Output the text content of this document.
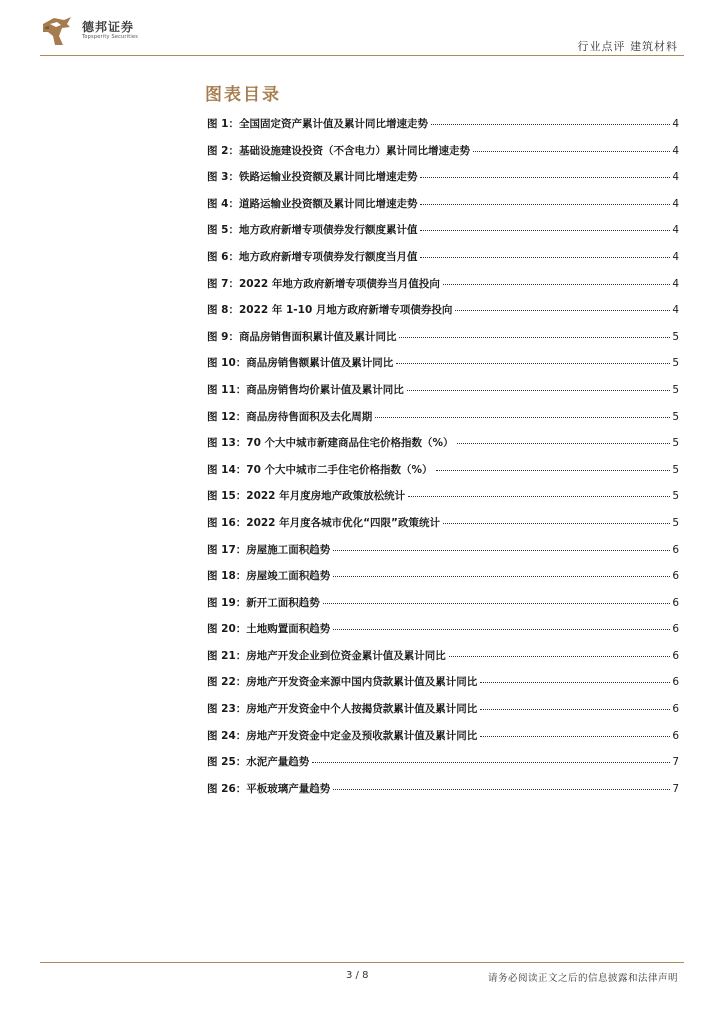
德邦证券
Topsperity Securities
行业点评 建筑材料
图表目录
图 1：全国固定资产累计值及累计同比增速走势	4
图 2：基础设施建设投资（不含电力）累计同比增速走势	4
图 3：铁路运输业投资额及累计同比增速走势	4
图 4：道路运输业投资额及累计同比增速走势	4
图 5：地方政府新增专项债券发行额度累计值	4
图 6：地方政府新增专项债券发行额度当月值	4
图 7：2022 年地方政府新增专项债券当月值投向	4
图 8：2022 年 1-10 月地方政府新增专项债券投向	4
图 9：商品房销售面积累计值及累计同比	5
图 10：商品房销售额累计值及累计同比	5
图 11：商品房销售均价累计值及累计同比	5
图 12：商品房待售面积及去化周期	5
图 13：70 个大中城市新建商品住宅价格指数（%）	5
图 14：70 个大中城市二手住宅价格指数（%）	5
图 15：2022 年月度房地产政策放松统计	5
图 16：2022 年月度各城市优化“四限”政策统计	5
图 17：房屋施工面积趋势	6
图 18：房屋竣工面积趋势	6
图 19：新开工面积趋势	6
图 20：土地购置面积趋势	6
图 21：房地产开发企业到位资金累计值及累计同比	6
图 22：房地产开发资金来源中国内贷款累计值及累计同比	6
图 23：房地产开发资金中个人按揭贷款累计值及累计同比	6
图 24：房地产开发资金中定金及预收款累计值及累计同比	6
图 25：水泥产量趋势	7
图 26：平板玻璃产量趋势	7
3 / 8	请务必阅读正文之后的信息披露和法律声明
